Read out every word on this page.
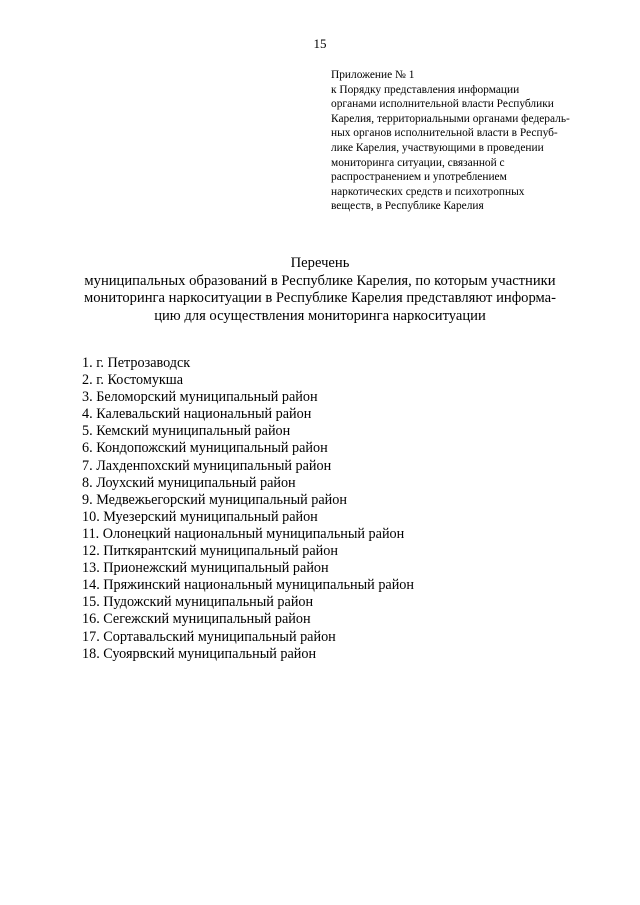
15
Приложение № 1
к Порядку представления информации
органами исполнительной власти Республики
Карелия, территориальными органами федераль-
ных органов исполнительной власти в Респуб-
лике Карелия, участвующими в проведении
мониторинга ситуации, связанной с
распространением и употреблением
наркотических средств и психотропных
веществ, в Республике Карелия
Перечень
муниципальных образований в Республике Карелия, по которым участники
мониторинга наркоситуации в Республике Карелия представляют информа-
цию для осуществления мониторинга наркоситуации
1. г. Петрозаводск
2. г. Костомукша
3. Беломорский муниципальный район
4. Калевальский национальный район
5. Кемский муниципальный район
6. Кондопожский муниципальный район
7. Лахденпохский муниципальный район
8. Лоухский муниципальный район
9. Медвежьегорский муниципальный район
10. Муезерский муниципальный район
11. Олонецкий национальный муниципальный район
12. Питкярантский муниципальный район
13. Прионежский муниципальный район
14. Пряжинский национальный муниципальный район
15. Пудожский муниципальный район
16. Сегежский муниципальный район
17. Сортавальский муниципальный район
18. Суоярвский муниципальный район
